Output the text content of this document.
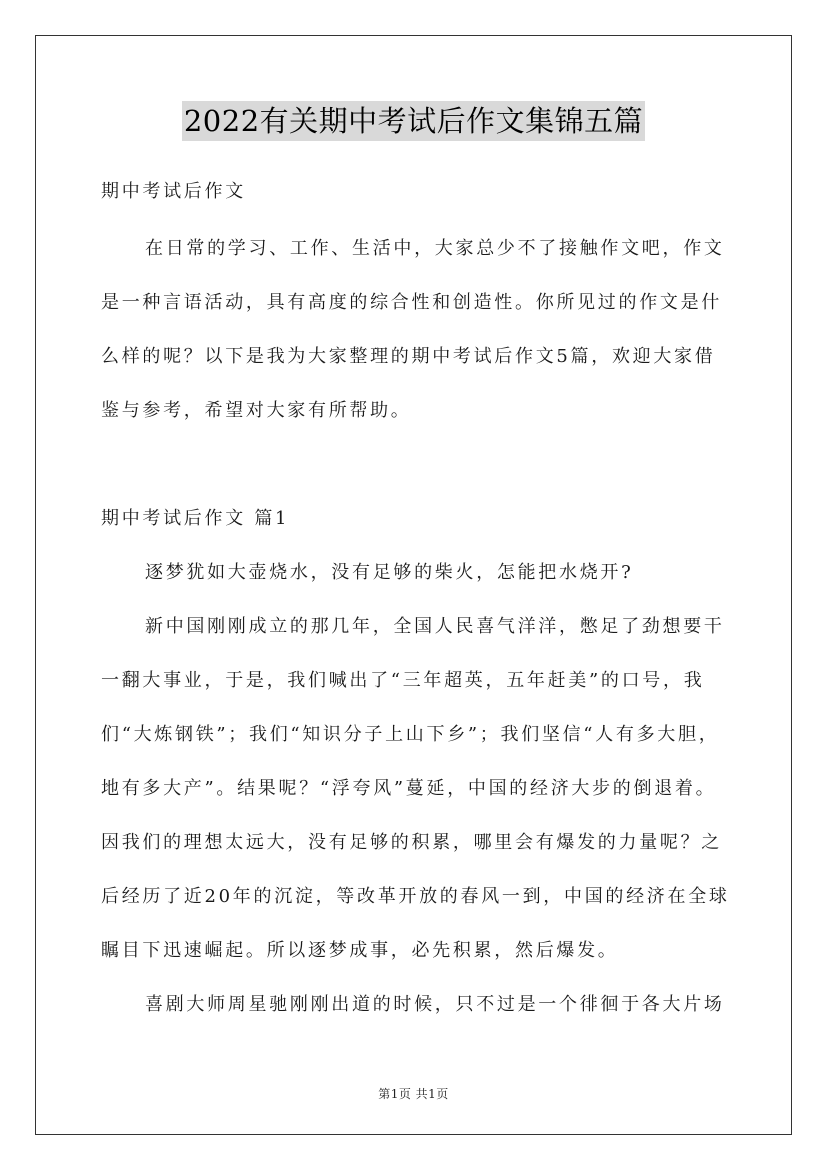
2022有关期中考试后作文集锦五篇
期中考试后作文
在日常的学习、工作、生活中，大家总少不了接触作文吧，作文
是一种言语活动，具有高度的综合性和创造性。你所见过的作文是什
么样的呢？以下是我为大家整理的期中考试后作文5篇，欢迎大家借
鉴与参考，希望对大家有所帮助。
期中考试后作文 篇1
逐梦犹如大壶烧水，没有足够的柴火，怎能把水烧开?
新中国刚刚成立的那几年，全国人民喜气洋洋，憋足了劲想要干
一翻大事业，于是，我们喊出了“三年超英，五年赶美”的口号，我
们“大炼钢铁”；我们“知识分子上山下乡”；我们坚信“人有多大胆，
地有多大产”。结果呢？“浮夸风”蔓延，中国的经济大步的倒退着。
因我们的理想太远大，没有足够的积累，哪里会有爆发的力量呢？之
后经历了近20年的沉淀，等改革开放的春风一到，中国的经济在全球
瞩目下迅速崛起。所以逐梦成事，必先积累，然后爆发。
喜剧大师周星驰刚刚出道的时候，只不过是一个徘徊于各大片场
第1页 共1页
